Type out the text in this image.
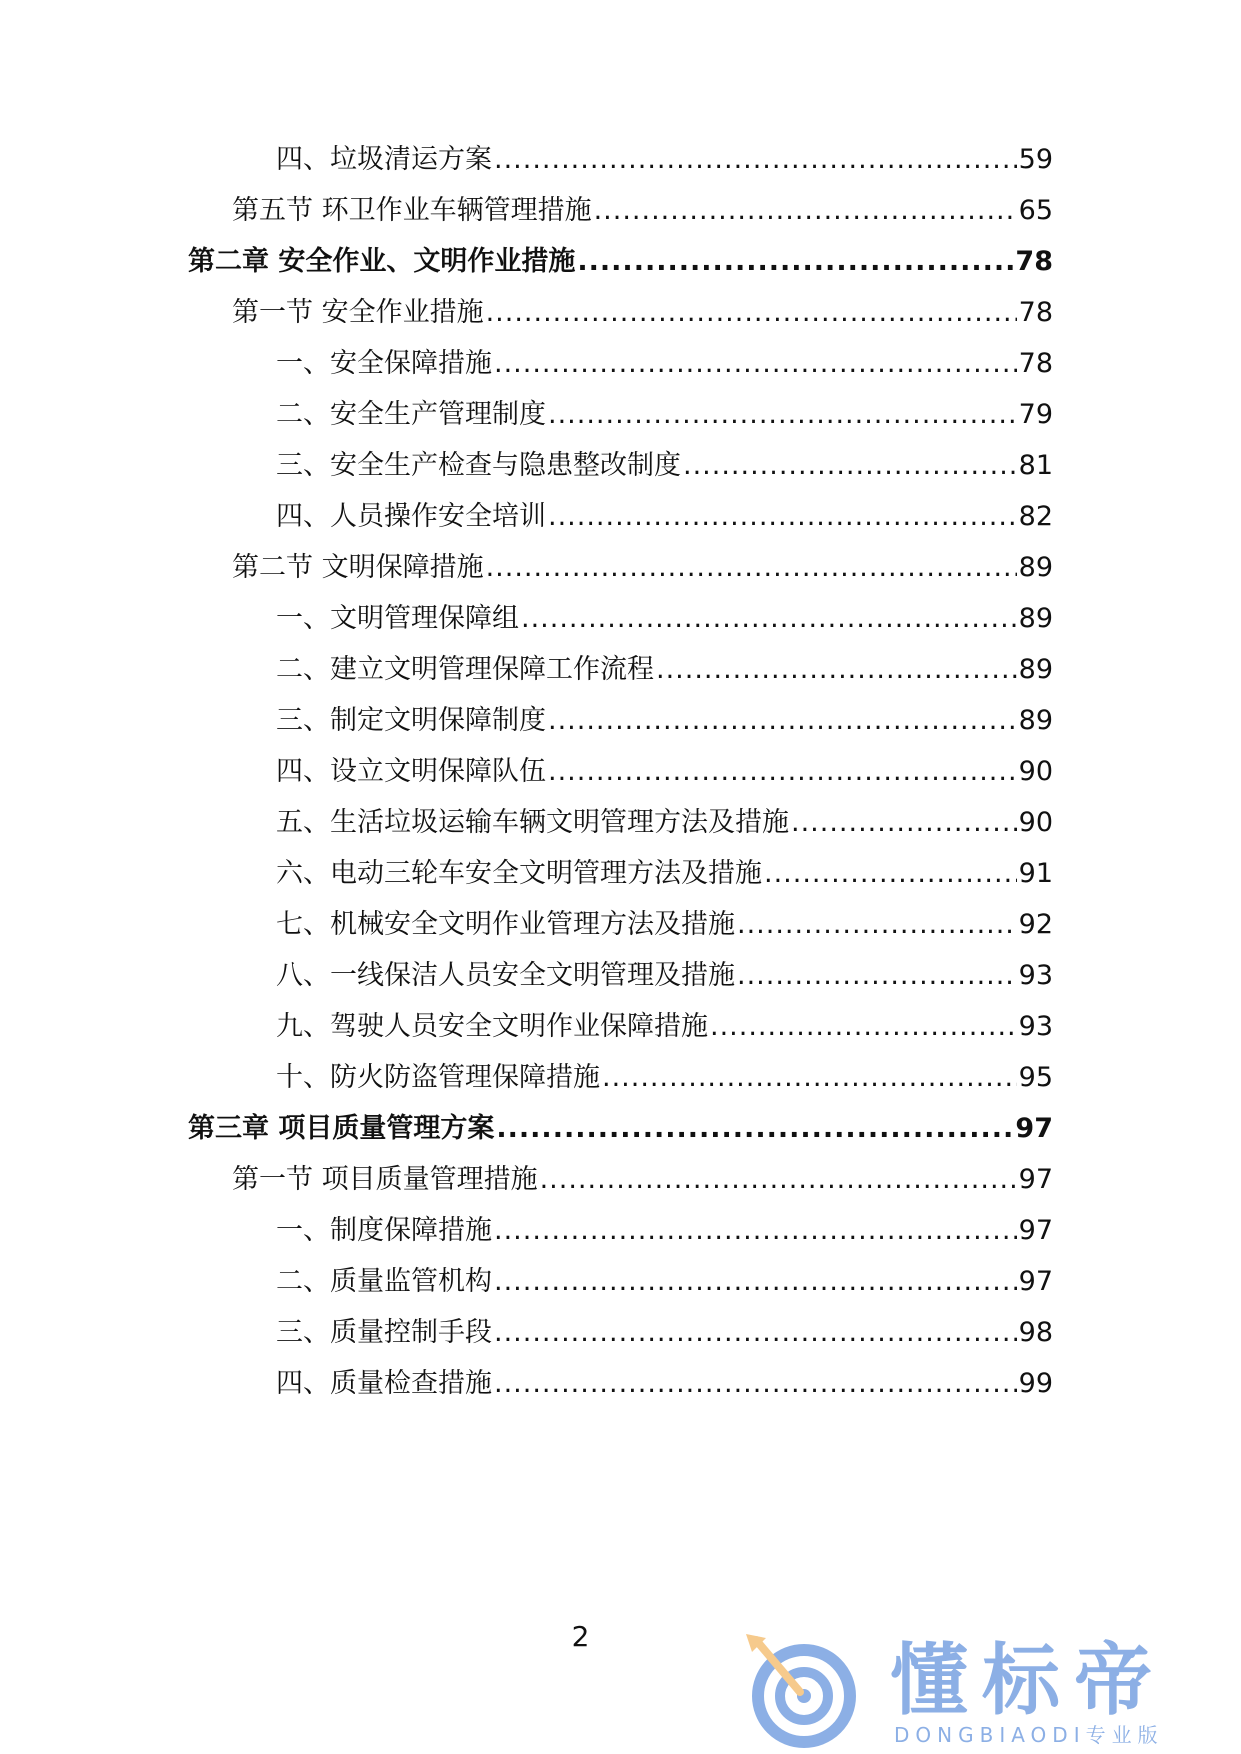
四、垃圾清运方案 .....	59
第五节 环卫作业车辆管理措施 .....	65
第二章 安全作业、文明作业措施 .....	78
第一节 安全作业措施 .....	78
一、安全保障措施 .....	78
二、安全生产管理制度 .....	79
三、安全生产检查与隐患整改制度 .....	81
四、人员操作安全培训 .....	82
第二节 文明保障措施 .....	89
一、文明管理保障组 .....	89
二、建立文明管理保障工作流程 .....	89
三、制定文明保障制度 .....	89
四、设立文明保障队伍 .....	90
五、生活垃圾运输车辆文明管理方法及措施 .....	90
六、电动三轮车安全文明管理方法及措施 .....	91
七、机械安全文明作业管理方法及措施 .....	92
八、一线保洁人员安全文明管理及措施 .....	93
九、驾驶人员安全文明作业保障措施 .....	93
十、防火防盗管理保障措施 .....	95
第三章 项目质量管理方案 .....	97
第一节 项目质量管理措施 .....	97
一、制度保障措施 .....	97
二、质量监管机构 .....	97
三、质量控制手段 .....	98
四、质量检查措施 .....	99
2	懂标帝
DONGBIAODI专业版
